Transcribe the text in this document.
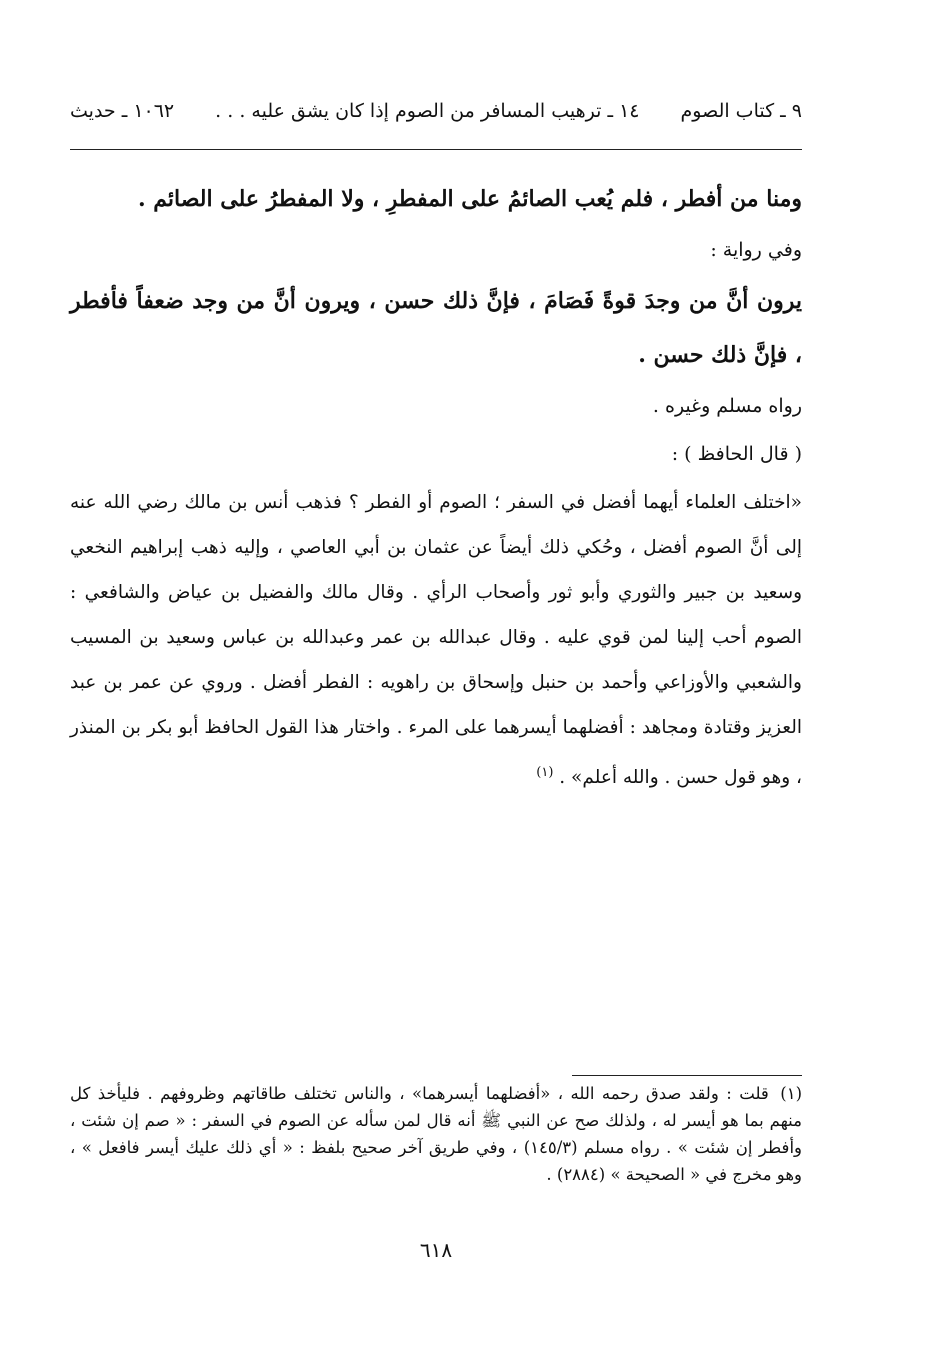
٩ ـ كتاب الصوم
١٤ ـ ترهيب المسافر من الصوم إذا كان يشق عليه . . .
١٠٦٢ ـ حديث

ومنا من أفطر ، فلم يُعب الصائمُ على المفطرِ ، ولا المفطرُ على الصائم .

وفي رواية :

يرون أنَّ من وجدَ قوةً فَصَامَ ، فإنَّ ذلك حسن ، ويرون أنَّ من وجد ضعفاً فأفطر ، فإنَّ ذلك حسن .

رواه مسلم وغيره .

( قال الحافظ ) :

«اختلف العلماء أيهما أفضل في السفر ؛ الصوم أو الفطر ؟ فذهب أنس بن مالك رضي الله عنه إلى أنَّ الصوم أفضل ، وحُكي ذلك أيضاً عن عثمان بن أبي العاصي ، وإليه ذهب إبراهيم النخعي وسعيد بن جبير والثوري وأبو ثور وأصحاب الرأي . وقال مالك والفضيل بن عياض والشافعي : الصوم أحب إلينا لمن قوي عليه . وقال عبدالله بن عمر وعبدالله بن عباس وسعيد بن المسيب والشعبي والأوزاعي وأحمد بن حنبل وإسحاق بن راهويه : الفطر أفضل . وروي عن عمر بن عبد العزيز وقتادة ومجاهد : أفضلهما أيسرهما على المرء . واختار هذا القول الحافظ أبو بكر بن المنذر ، وهو قول حسن . والله أعلم» . $^{(١)}$

(١) قلت : ولقد صدق رحمه الله ، «أفضلهما أيسرهما» ، والناس تختلف طاقاتهم وظروفهم . فليأخذ كل منهم بما هو أيسر له ، ولذلك صح عن النبي ﷺ أنه قال لمن سأله عن الصوم في السفر : « صم إن شئت ، وأفطر إن شئت » . رواه مسلم (١٤٥/٣) ، وفي طريق آخر صحيح بلفظ : « أي ذلك عليك أيسر فافعل » ، وهو مخرج في « الصحيحة » (٢٨٨٤) .
٦١٨
